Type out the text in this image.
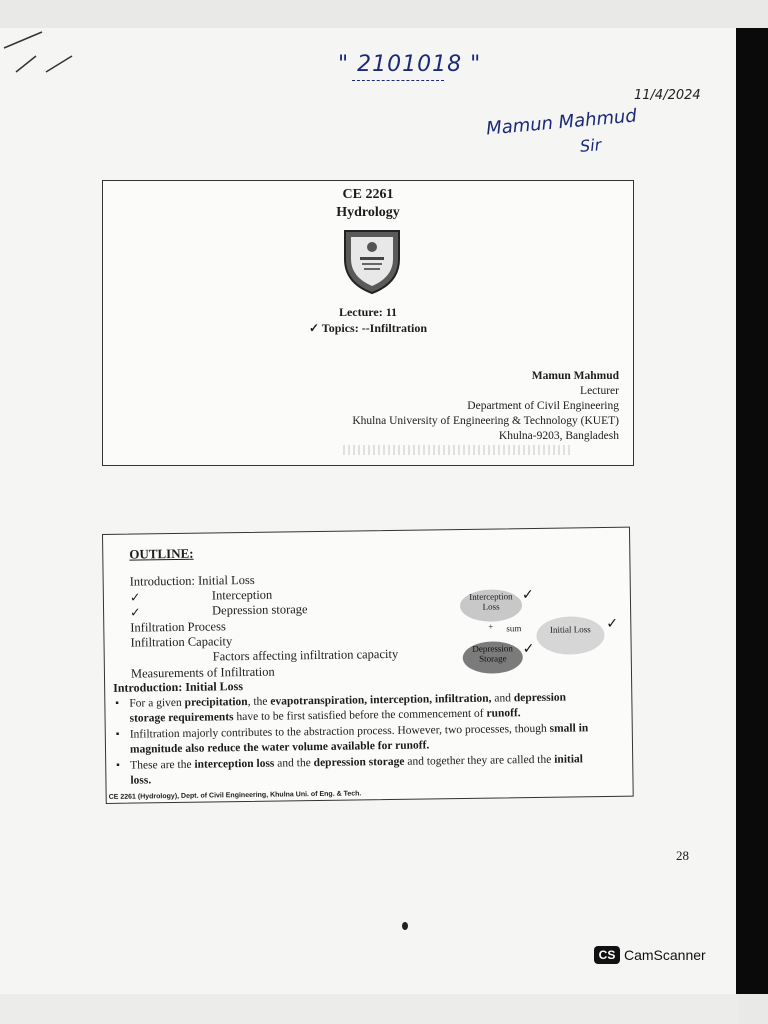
" 2101018 "
11/4/2024
Mamun Mahmud
Sir
CE 2261
Hydrology
Lecture: 11
✓ Topics: --Infiltration
Mamun Mahmud
Lecturer
Department of Civil Engineering
Khulna University of Engineering & Technology (KUET)
Khulna-9203, Bangladesh
OUTLINE:
Introduction: Initial Loss
✓	Interception
✓	Depression storage
Infiltration Process
Infiltration Capacity
Factors affecting infiltration capacity
Measurements of Infiltration
Interception Loss
+ sum	Initial Loss
Depression Storage
✓
✓
✓
Introduction: Initial Loss
▪ For a given precipitation, the evapotranspiration, interception, infiltration, and depression storage requirements have to be first satisfied before the commencement of runoff.
▪ Infiltration majorly contributes to the abstraction process. However, two processes, though small in magnitude also reduce the water volume available for runoff.
▪ These are the interception loss and the depression storage and together they are called the initial loss.
CE 2261 (Hydrology), Dept. of Civil Engineering, Khulna Uni. of Eng. & Tech.
28
CS CamScanner
